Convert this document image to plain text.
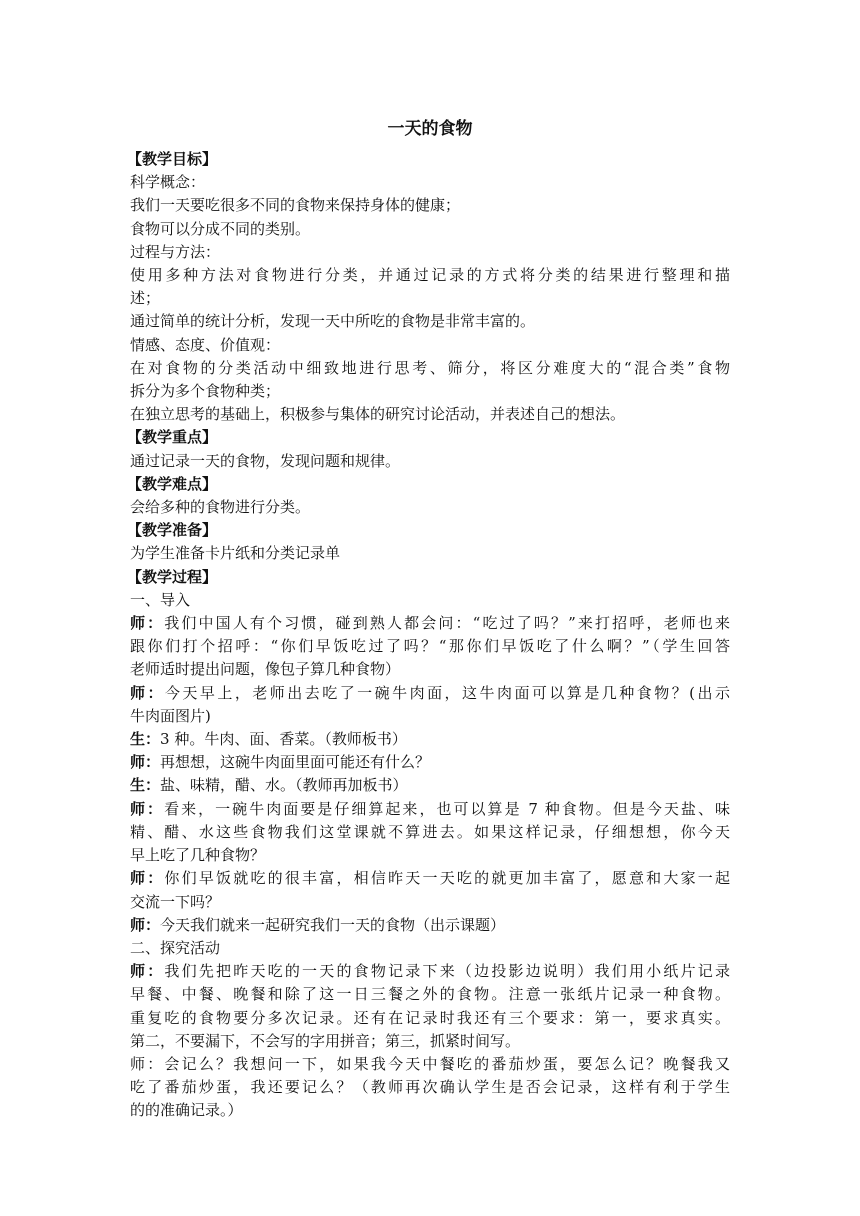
一天的食物
【教学目标】
科学概念：
我们一天要吃很多不同的食物来保持身体的健康；
食物可以分成不同的类别。
过程与方法：
使用多种方法对食物进行分类，并通过记录的方式将分类的结果进行整理和描
述；
通过简单的统计分析，发现一天中所吃的食物是非常丰富的。
情感、态度、价值观：
在对食物的分类活动中细致地进行思考、筛分，将区分难度大的“混合类”食物
拆分为多个食物种类；
在独立思考的基础上，积极参与集体的研究讨论活动，并表述自己的想法。
【教学重点】
通过记录一天的食物，发现问题和规律。
【教学难点】
会给多种的食物进行分类。
【教学准备】
为学生准备卡片纸和分类记录单
【教学过程】
一、导入
师：我们中国人有个习惯，碰到熟人都会问：“吃过了吗？”来打招呼，老师也来
跟你们打个招呼：“你们早饭吃过了吗？“那你们早饭吃了什么啊？”（学生回答
老师适时提出问题，像包子算几种食物）
师：今天早上，老师出去吃了一碗牛肉面，这牛肉面可以算是几种食物？(出示
牛肉面图片)
生：3 种。牛肉、面、香菜。（教师板书）
师：再想想，这碗牛肉面里面可能还有什么？
生：盐、味精，醋、水。（教师再加板书）
师：看来，一碗牛肉面要是仔细算起来，也可以算是 7 种食物。但是今天盐、味
精、醋、水这些食物我们这堂课就不算进去。如果这样记录，仔细想想，你今天
早上吃了几种食物？
师：你们早饭就吃的很丰富，相信昨天一天吃的就更加丰富了，愿意和大家一起
交流一下吗？
师：今天我们就来一起研究我们一天的食物（出示课题）
二、探究活动
师：我们先把昨天吃的一天的食物记录下来（边投影边说明）我们用小纸片记录
早餐、中餐、晚餐和除了这一日三餐之外的食物。注意一张纸片记录一种食物。
重复吃的食物要分多次记录。还有在记录时我还有三个要求：第一，要求真实。
第二，不要漏下，不会写的字用拼音；第三，抓紧时间写。
师：会记么？我想问一下，如果我今天中餐吃的番茄炒蛋，要怎么记？晚餐我又
吃了番茄炒蛋，我还要记么？（教师再次确认学生是否会记录，这样有利于学生
的的准确记录。）
